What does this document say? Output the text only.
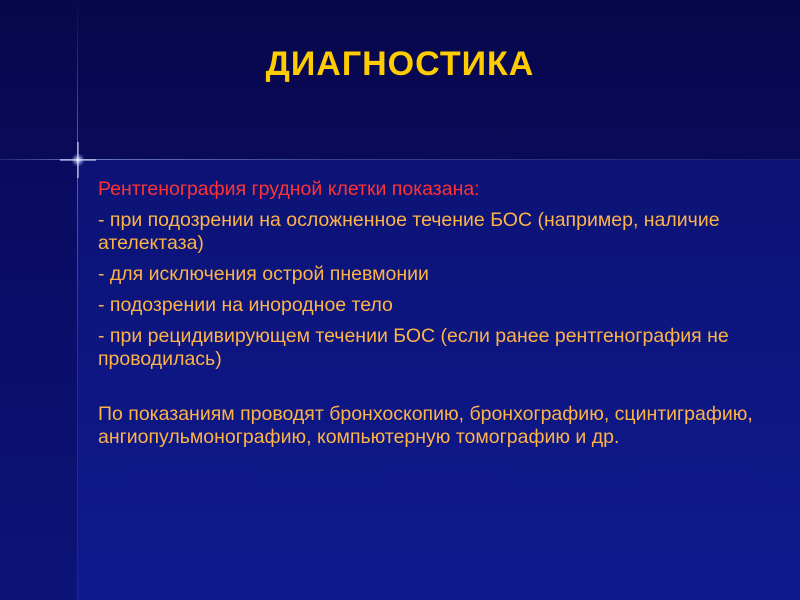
ДИАГНОСТИКА
Рентгенография грудной клетки показана:
- при подозрении на осложненное течение БОС (например, наличие ателектаза)
- для исключения острой пневмонии
- подозрении на инородное тело
- при рецидивирующем течении БОС (если ранее рентгенография не проводилась)
По показаниям проводят бронхоскопию, бронхографию, сцинтиграфию, ангиопульмонографию, компьютерную томографию и др.
